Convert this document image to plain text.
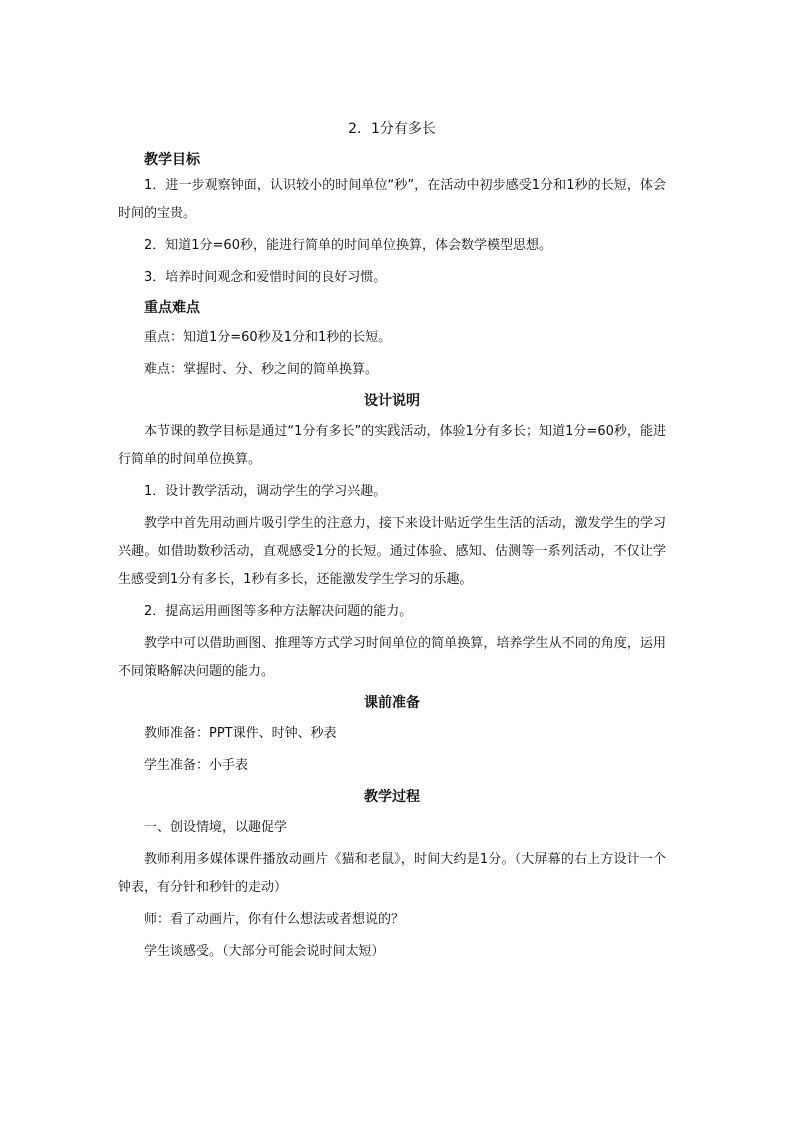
2．1分有多长
教学目标

1．进一步观察钟面，认识较小的时间单位“秒”，在活动中初步感受1分和1秒的长短，体会时间的宝贵。

2．知道1分=60秒，能进行简单的时间单位换算，体会数学模型思想。

3．培养时间观念和爱惜时间的良好习惯。

重点难点

重点：知道1分=60秒及1分和1秒的长短。

难点：掌握时、分、秒之间的简单换算。

设计说明

本节课的教学目标是通过“1分有多长”的实践活动，体验1分有多长；知道1分=60秒，能进行简单的时间单位换算。

1．设计教学活动，调动学生的学习兴趣。

教学中首先用动画片吸引学生的注意力，接下来设计贴近学生生活的活动，激发学生的学习兴趣。如借助数秒活动，直观感受1分的长短。通过体验、感知、估测等一系列活动，不仅让学生感受到1分有多长，1秒有多长，还能激发学生学习的乐趣。

2．提高运用画图等多种方法解决问题的能力。

教学中可以借助画图、推理等方式学习时间单位的简单换算，培养学生从不同的角度，运用不同策略解决问题的能力。

课前准备

教师准备：PPT课件、时钟、秒表

学生准备：小手表

教学过程

一、创设情境，以趣促学

教师利用多媒体课件播放动画片《猫和老鼠》，时间大约是1分。（大屏幕的右上方设计一个钟表，有分针和秒针的走动）

师：看了动画片，你有什么想法或者想说的？

学生谈感受。（大部分可能会说时间太短）
